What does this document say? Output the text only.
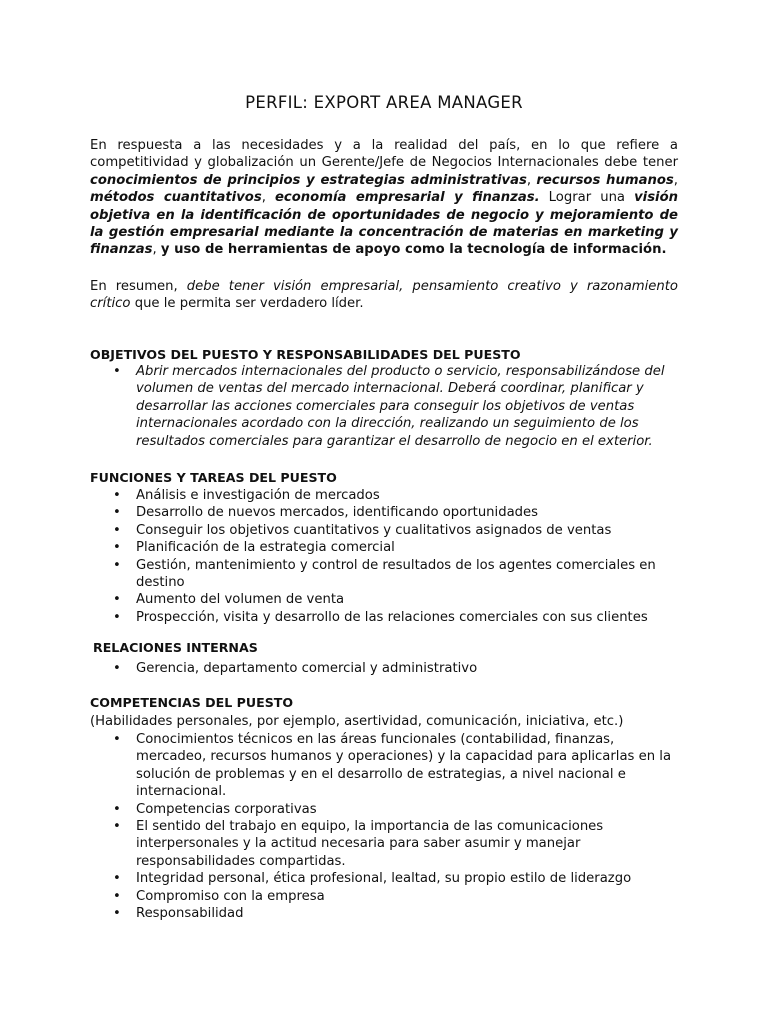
PERFIL: EXPORT AREA MANAGER

En respuesta a las necesidades y a la realidad del país, en lo que refiere a competitividad y globalización un Gerente/Jefe de Negocios Internacionales debe tener conocimientos de principios y estrategias administrativas, recursos humanos, métodos cuantitativos, economía empresarial y finanzas. Lograr una visión objetiva en la identificación de oportunidades de negocio y mejoramiento de la gestión empresarial mediante la concentración de materias en marketing y finanzas, y uso de herramientas de apoyo como la tecnología de información.

En resumen, debe tener visión empresarial, pensamiento creativo y razonamiento crítico que le permita ser verdadero líder.

OBJETIVOS DEL PUESTO Y RESPONSABILIDADES DEL PUESTO
• Abrir mercados internacionales del producto o servicio, responsabilizándose del volumen de ventas del mercado internacional. Deberá coordinar, planificar y desarrollar las acciones comerciales para conseguir los objetivos de ventas internacionales acordado con la dirección, realizando un seguimiento de los resultados comerciales para garantizar el desarrollo de negocio en el exterior.
FUNCIONES Y TAREAS DEL PUESTO
• Análisis e investigación de mercados
• Desarrollo de nuevos mercados, identificando oportunidades
• Conseguir los objetivos cuantitativos y cualitativos asignados de ventas
• Planificación de la estrategia comercial
• Gestión, mantenimiento y control de resultados de los agentes comerciales en destino
• Aumento del volumen de venta
• Prospección, visita y desarrollo de las relaciones comerciales con sus clientes
RELACIONES INTERNAS
• Gerencia, departamento comercial y administrativo
COMPETENCIAS DEL PUESTO

(Habilidades personales, por ejemplo, asertividad, comunicación, iniciativa, etc.)

• Conocimientos técnicos en las áreas funcionales (contabilidad, finanzas, mercadeo, recursos humanos y operaciones) y la capacidad para aplicarlas en la solución de problemas y en el desarrollo de estrategias, a nivel nacional e internacional.
• Competencias corporativas
• El sentido del trabajo en equipo, la importancia de las comunicaciones interpersonales y la actitud necesaria para saber asumir y manejar responsabilidades compartidas.
• Integridad personal, ética profesional, lealtad, su propio estilo de liderazgo
• Compromiso con la empresa
• Responsabilidad
